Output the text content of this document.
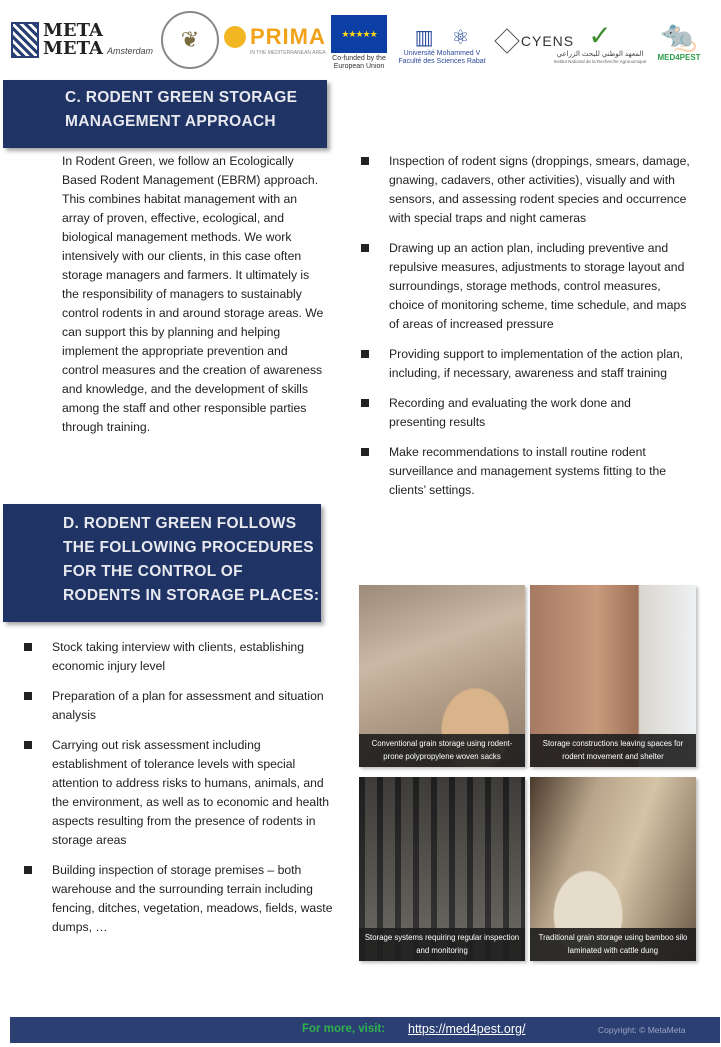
META
META Amsterdam	❦	PRIMA
IN THE MEDITERRANEAN AREA
★★★★★
Co-funded by the European Union
▥ ⚛
Université Mohammed V Faculté des Sciences Rabat
CYENS ✓
المعهد الوطني للبحث الزراعي
Institut National de la Recherche Agronomique
🐀
MED4PEST
C. RODENT GREEN STORAGE MANAGEMENT APPROACH
In Rodent Green, we follow an Ecologically Based Rodent Management (EBRM) approach. This combines habitat management with an array of proven, effective, ecological, and biological management methods. We work intensively with our clients, in this case often storage managers and farmers. It ultimately is the responsibility of managers to sustainably control rodents in and around storage areas. We can support this by planning and helping implement the appropriate prevention and control measures and the creation of awareness and knowledge, and the development of skills among the staff and other responsible parties through training.
Inspection of rodent signs (droppings, smears, damage, gnawing, cadavers, other activities), visually and with sensors, and assessing rodent species and occurrence with special traps and night cameras
Drawing up an action plan, including preventive and repulsive measures, adjustments to storage layout and surroundings, storage methods, control measures, choice of monitoring scheme, time schedule, and maps of areas of increased pressure
Providing support to implementation of the action plan, including, if necessary, awareness and staff training
Recording and evaluating the work done and presenting results
Make recommendations to install routine rodent surveillance and management systems fitting to the clients’ settings.
D. RODENT GREEN FOLLOWS THE FOLLOWING PROCEDURES FOR THE CONTROL OF RODENTS IN STORAGE PLACES:
Stock taking interview with clients, establishing economic injury level
Preparation of a plan for assessment and situation analysis
Carrying out risk assessment including establishment of tolerance levels with special attention to address risks to humans, animals, and the environment, as well as to economic and health aspects resulting from the presence of rodents in storage areas
Building inspection of storage premises – both warehouse and the surrounding terrain including fencing, ditches, vegetation, meadows, fields, waste dumps, …
Conventional grain storage using rodent-prone polypropylene woven sacks
Storage constructions leaving spaces for rodent movement and shelter
Storage systems requiring regular inspection and monitoring
Traditional grain storage using bamboo silo laminated with cattle dung
For more, visit: https://med4pest.org/	Copyright: © MetaMeta
